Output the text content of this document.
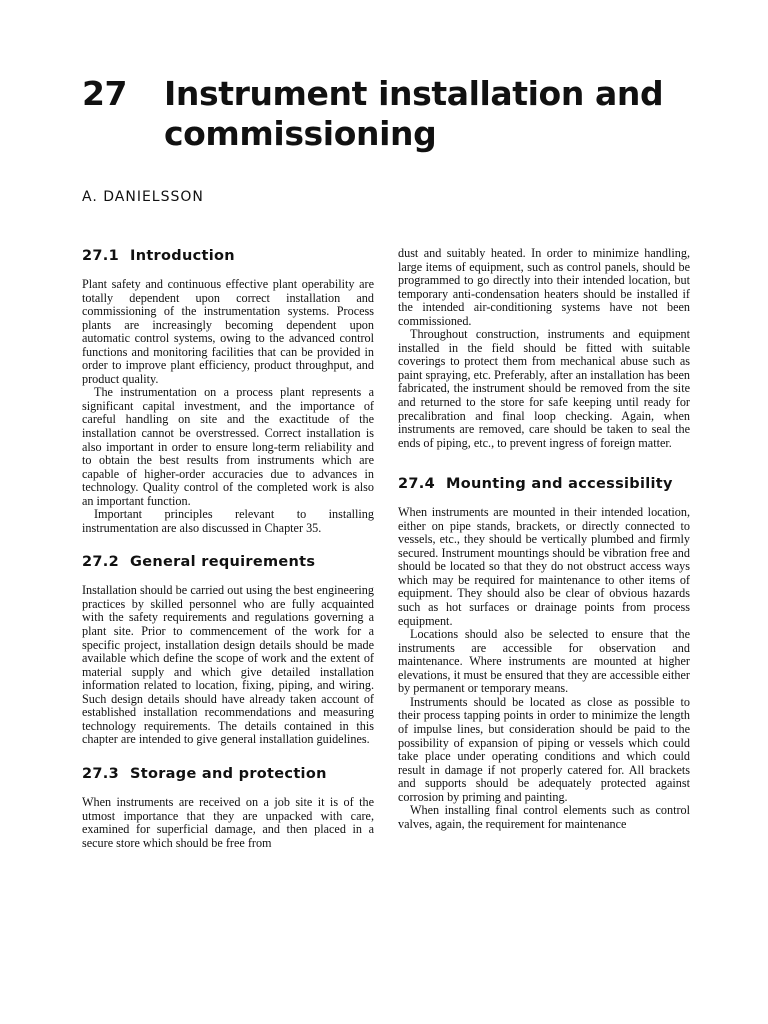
27 Instrument installation and commissioning
A. DANIELSSON
27.1 Introduction

Plant safety and continuous effective plant operability are totally dependent upon correct installation and commissioning of the instrumentation systems. Process plants are increasingly becoming dependent upon automatic control systems, owing to the advanced control functions and monitoring facilities that can be provided in order to improve plant efficiency, product throughput, and product quality.

The instrumentation on a process plant represents a significant capital investment, and the importance of careful handling on site and the exactitude of the installation cannot be overstressed. Correct installation is also important in order to ensure long-term reliability and to obtain the best results from instruments which are capable of higher-order accuracies due to advances in technology. Quality control of the completed work is also an important function.

Important principles relevant to installing instrumentation are also discussed in Chapter 35.

27.2 General requirements

Installation should be carried out using the best engineering practices by skilled personnel who are fully acquainted with the safety requirements and regulations governing a plant site. Prior to commencement of the work for a specific project, installation design details should be made available which define the scope of work and the extent of material supply and which give detailed installation information related to location, fixing, piping, and wiring. Such design details should have already taken account of established installation recommendations and measuring technology requirements. The details contained in this chapter are intended to give general installation guidelines.

27.3 Storage and protection

When instruments are received on a job site it is of the utmost importance that they are unpacked with care, examined for superficial damage, and then placed in a secure store which should be free from

dust and suitably heated. In order to minimize handling, large items of equipment, such as control panels, should be programmed to go directly into their intended location, but temporary anti-condensation heaters should be installed if the intended air-conditioning systems have not been commissioned.

Throughout construction, instruments and equipment installed in the field should be fitted with suitable coverings to protect them from mechanical abuse such as paint spraying, etc. Preferably, after an installation has been fabricated, the instrument should be removed from the site and returned to the store for safe keeping until ready for precalibration and final loop checking. Again, when instruments are removed, care should be taken to seal the ends of piping, etc., to prevent ingress of foreign matter.

27.4 Mounting and accessibility

When instruments are mounted in their intended location, either on pipe stands, brackets, or directly connected to vessels, etc., they should be vertically plumbed and firmly secured. Instrument mountings should be vibration free and should be located so that they do not obstruct access ways which may be required for maintenance to other items of equipment. They should also be clear of obvious hazards such as hot surfaces or drainage points from process equipment.

Locations should also be selected to ensure that the instruments are accessible for observation and maintenance. Where instruments are mounted at higher elevations, it must be ensured that they are accessible either by permanent or temporary means.

Instruments should be located as close as possible to their process tapping points in order to minimize the length of impulse lines, but consideration should be paid to the possibility of expansion of piping or vessels which could take place under operating conditions and which could result in damage if not properly catered for. All brackets and supports should be adequately protected against corrosion by priming and painting.

When installing final control elements such as control valves, again, the requirement for maintenance
